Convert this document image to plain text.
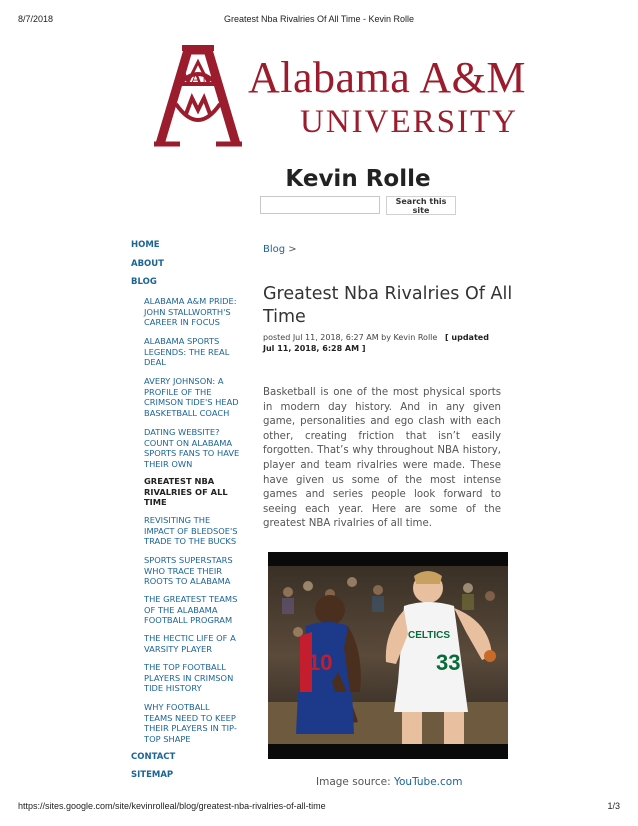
8/7/2018	Greatest Nba Rivalries Of All Time - Kevin Rolle
AAM Alabama A&M
UNIVERSITY
Kevin Rolle
Search this site
HOME
ABOUT
BLOG
ALABAMA A&M PRIDE: JOHN STALLWORTH'S CAREER IN FOCUS
ALABAMA SPORTS LEGENDS: THE REAL DEAL
AVERY JOHNSON: A PROFILE OF THE CRIMSON TIDE'S HEAD BASKETBALL COACH
DATING WEBSITE? COUNT ON ALABAMA SPORTS FANS TO HAVE THEIR OWN
GREATEST NBA RIVALRIES OF ALL TIME
REVISITING THE IMPACT OF BLEDSOE'S TRADE TO THE BUCKS
SPORTS SUPERSTARS WHO TRACE THEIR ROOTS TO ALABAMA
THE GREATEST TEAMS OF THE ALABAMA FOOTBALL PROGRAM
THE HECTIC LIFE OF A VARSITY PLAYER
THE TOP FOOTBALL PLAYERS IN CRIMSON TIDE HISTORY
WHY FOOTBALL TEAMS NEED TO KEEP THEIR PLAYERS IN TIP-TOP SHAPE
CONTACT
SITEMAP
Blog >
Greatest Nba Rivalries Of All Time
posted Jul 11, 2018, 6:27 AM by Kevin Rolle [ updated Jul 11, 2018, 6:28 AM ]
Basketball is one of the most physical sports in modern day history. And in any given game, personalities and ego clash with each other, creating friction that isn’t easily forgotten. That’s why throughout NBA history, player and team rivalries were made. These have given us some of the most intense games and series people look forward to seeing each year. Here are some of the greatest NBA rivalries of all time.
10
CELTICS
33
Image source: YouTube.com
https://sites.google.com/site/kevinrolleal/blog/greatest-nba-rivalries-of-all-time	1/3
